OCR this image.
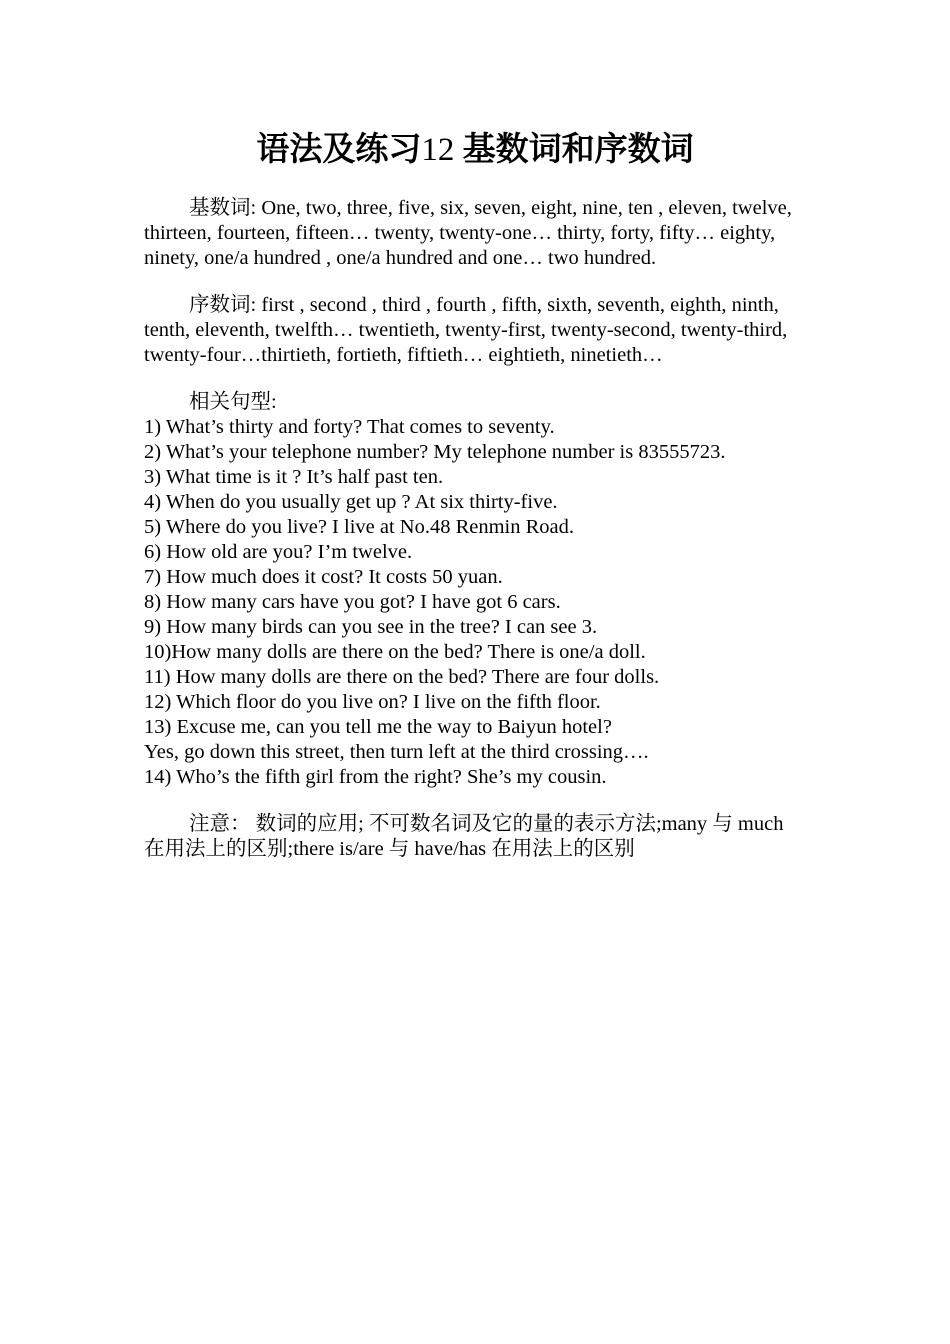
语法及练习12 基数词和序数词

基数词: One, two, three, five, six, seven, eight, nine, ten , eleven, twelve, thirteen, fourteen, fifteen… twenty, twenty-one… thirty, forty, fifty… eighty, ninety, one/a hundred , one/a hundred and one… two hundred.

序数词: first , second , third , fourth , fifth, sixth, seventh, eighth, ninth, tenth, eleventh, twelfth… twentieth, twenty-first, twenty-second, twenty-third, twenty-four…thirtieth, fortieth, fiftieth… eightieth, ninetieth…

相关句型:
1) What’s thirty and forty? That comes to seventy.
2) What’s your telephone number? My telephone number is 83555723.
3) What time is it ? It’s half past ten.
4) When do you usually get up ? At six thirty-five.
5) Where do you live? I live at No.48 Renmin Road.
6) How old are you? I’m twelve.
7) How much does it cost? It costs 50 yuan.
8) How many cars have you got? I have got 6 cars.
9) How many birds can you see in the tree? I can see 3.
10)How many dolls are there on the bed? There is one/a doll.
11) How many dolls are there on the bed? There are four dolls.
12) Which floor do you live on? I live on the fifth floor.
13) Excuse me, can you tell me the way to Baiyun hotel?
Yes, go down this street, then turn left at the third crossing….
14) Who’s the fifth girl from the right? She’s my cousin.

注意： 数词的应用; 不可数名词及它的量的表示方法;many 与 much 在用法上的区别;there is/are 与 have/has 在用法上的区别
